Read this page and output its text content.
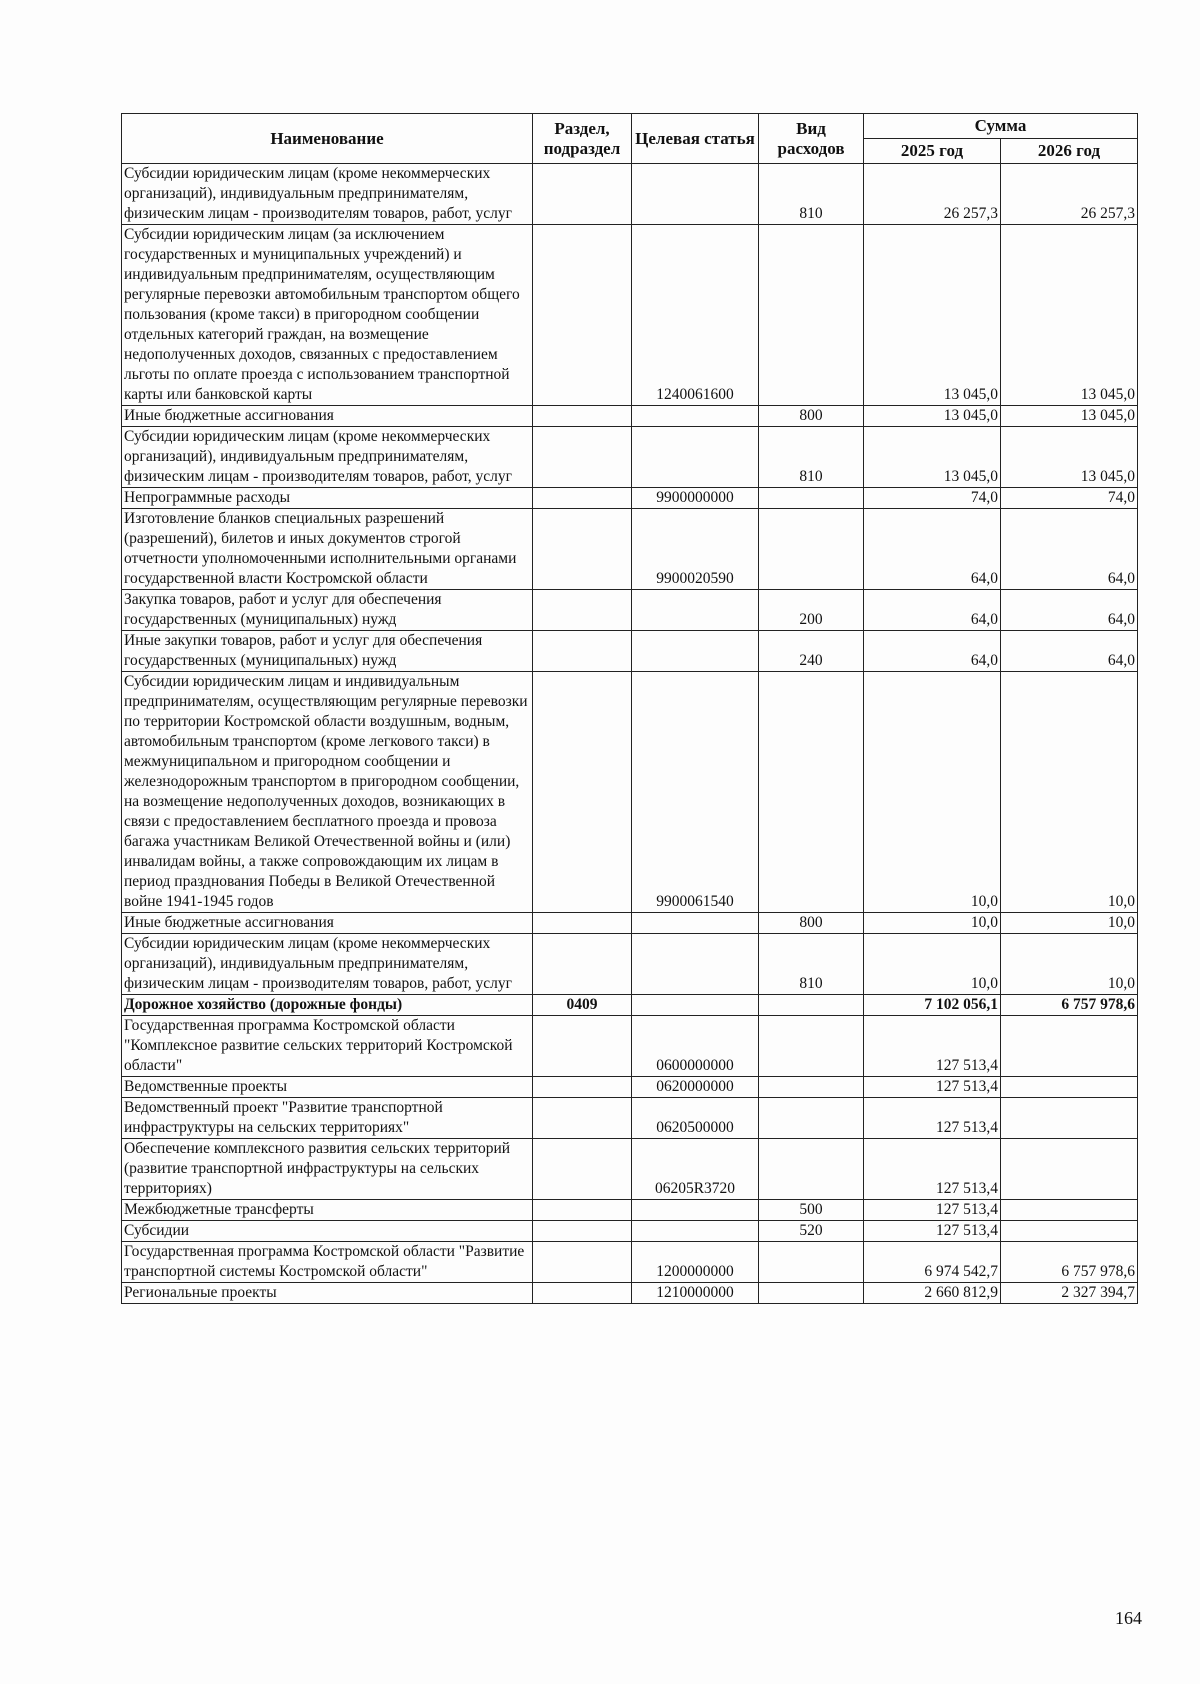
Наименование	Раздел, подраздел	Целевая статья	Вид расходов	Сумма	
				2025 год	2026 год
Субсидии юридическим лицам (кроме некоммерческих организаций), индивидуальным предпринимателям, физическим лицам - производителям товаров, работ, услуг			810	26 257,3	26 257,3
Субсидии юридическим лицам (за исключением государственных и муниципальных учреждений) и индивидуальным предпринимателям, осуществляющим регулярные перевозки автомобильным транспортом общего пользования (кроме такси) в пригородном сообщении отдельных категорий граждан, на возмещение недополученных доходов, связанных с предоставлением льготы по оплате проезда с использованием транспортной карты или банковской карты		1240061600		13 045,0	13 045,0
Иные бюджетные ассигнования			800	13 045,0	13 045,0
Субсидии юридическим лицам (кроме некоммерческих организаций), индивидуальным предпринимателям, физическим лицам - производителям товаров, работ, услуг			810	13 045,0	13 045,0
Непрограммные расходы		9900000000		74,0	74,0
Изготовление бланков специальных разрешений (разрешений), билетов и иных документов строгой отчетности уполномоченными исполнительными органами государственной власти Костромской области		9900020590		64,0	64,0
Закупка товаров, работ и услуг для обеспечения государственных (муниципальных) нужд			200	64,0	64,0
Иные закупки товаров, работ и услуг для обеспечения государственных (муниципальных) нужд			240	64,0	64,0
Субсидии юридическим лицам и индивидуальным предпринимателям, осуществляющим регулярные перевозки по территории Костромской области воздушным, водным, автомобильным транспортом (кроме легкового такси) в межмуниципальном и пригородном сообщении и железнодорожным транспортом в пригородном сообщении, на возмещение недополученных доходов, возникающих в связи с предоставлением бесплатного проезда и провоза багажа участникам Великой Отечественной войны и (или) инвалидам войны, а также сопровождающим их лицам в период празднования Победы в Великой Отечественной войне 1941-1945 годов		9900061540		10,0	10,0
Иные бюджетные ассигнования			800	10,0	10,0
Субсидии юридическим лицам (кроме некоммерческих организаций), индивидуальным предпринимателям, физическим лицам - производителям товаров, работ, услуг			810	10,0	10,0
Дорожное хозяйство (дорожные фонды)	0409			7 102 056,1	6 757 978,6
Государственная программа Костромской области "Комплексное развитие сельских территорий Костромской области"		0600000000		127 513,4	
Ведомственные проекты		0620000000		127 513,4	
Ведомственный проект "Развитие транспортной инфраструктуры на сельских территориях"		0620500000		127 513,4	
Обеспечение комплексного развития сельских территорий (развитие транспортной инфраструктуры на сельских территориях)		06205R3720		127 513,4	
Межбюджетные трансферты			500	127 513,4	
Субсидии			520	127 513,4	
Государственная программа Костромской области "Развитие транспортной системы Костромской области"		1200000000		6 974 542,7	6 757 978,6
Региональные проекты		1210000000		2 660 812,9	2 327 394,7
164
